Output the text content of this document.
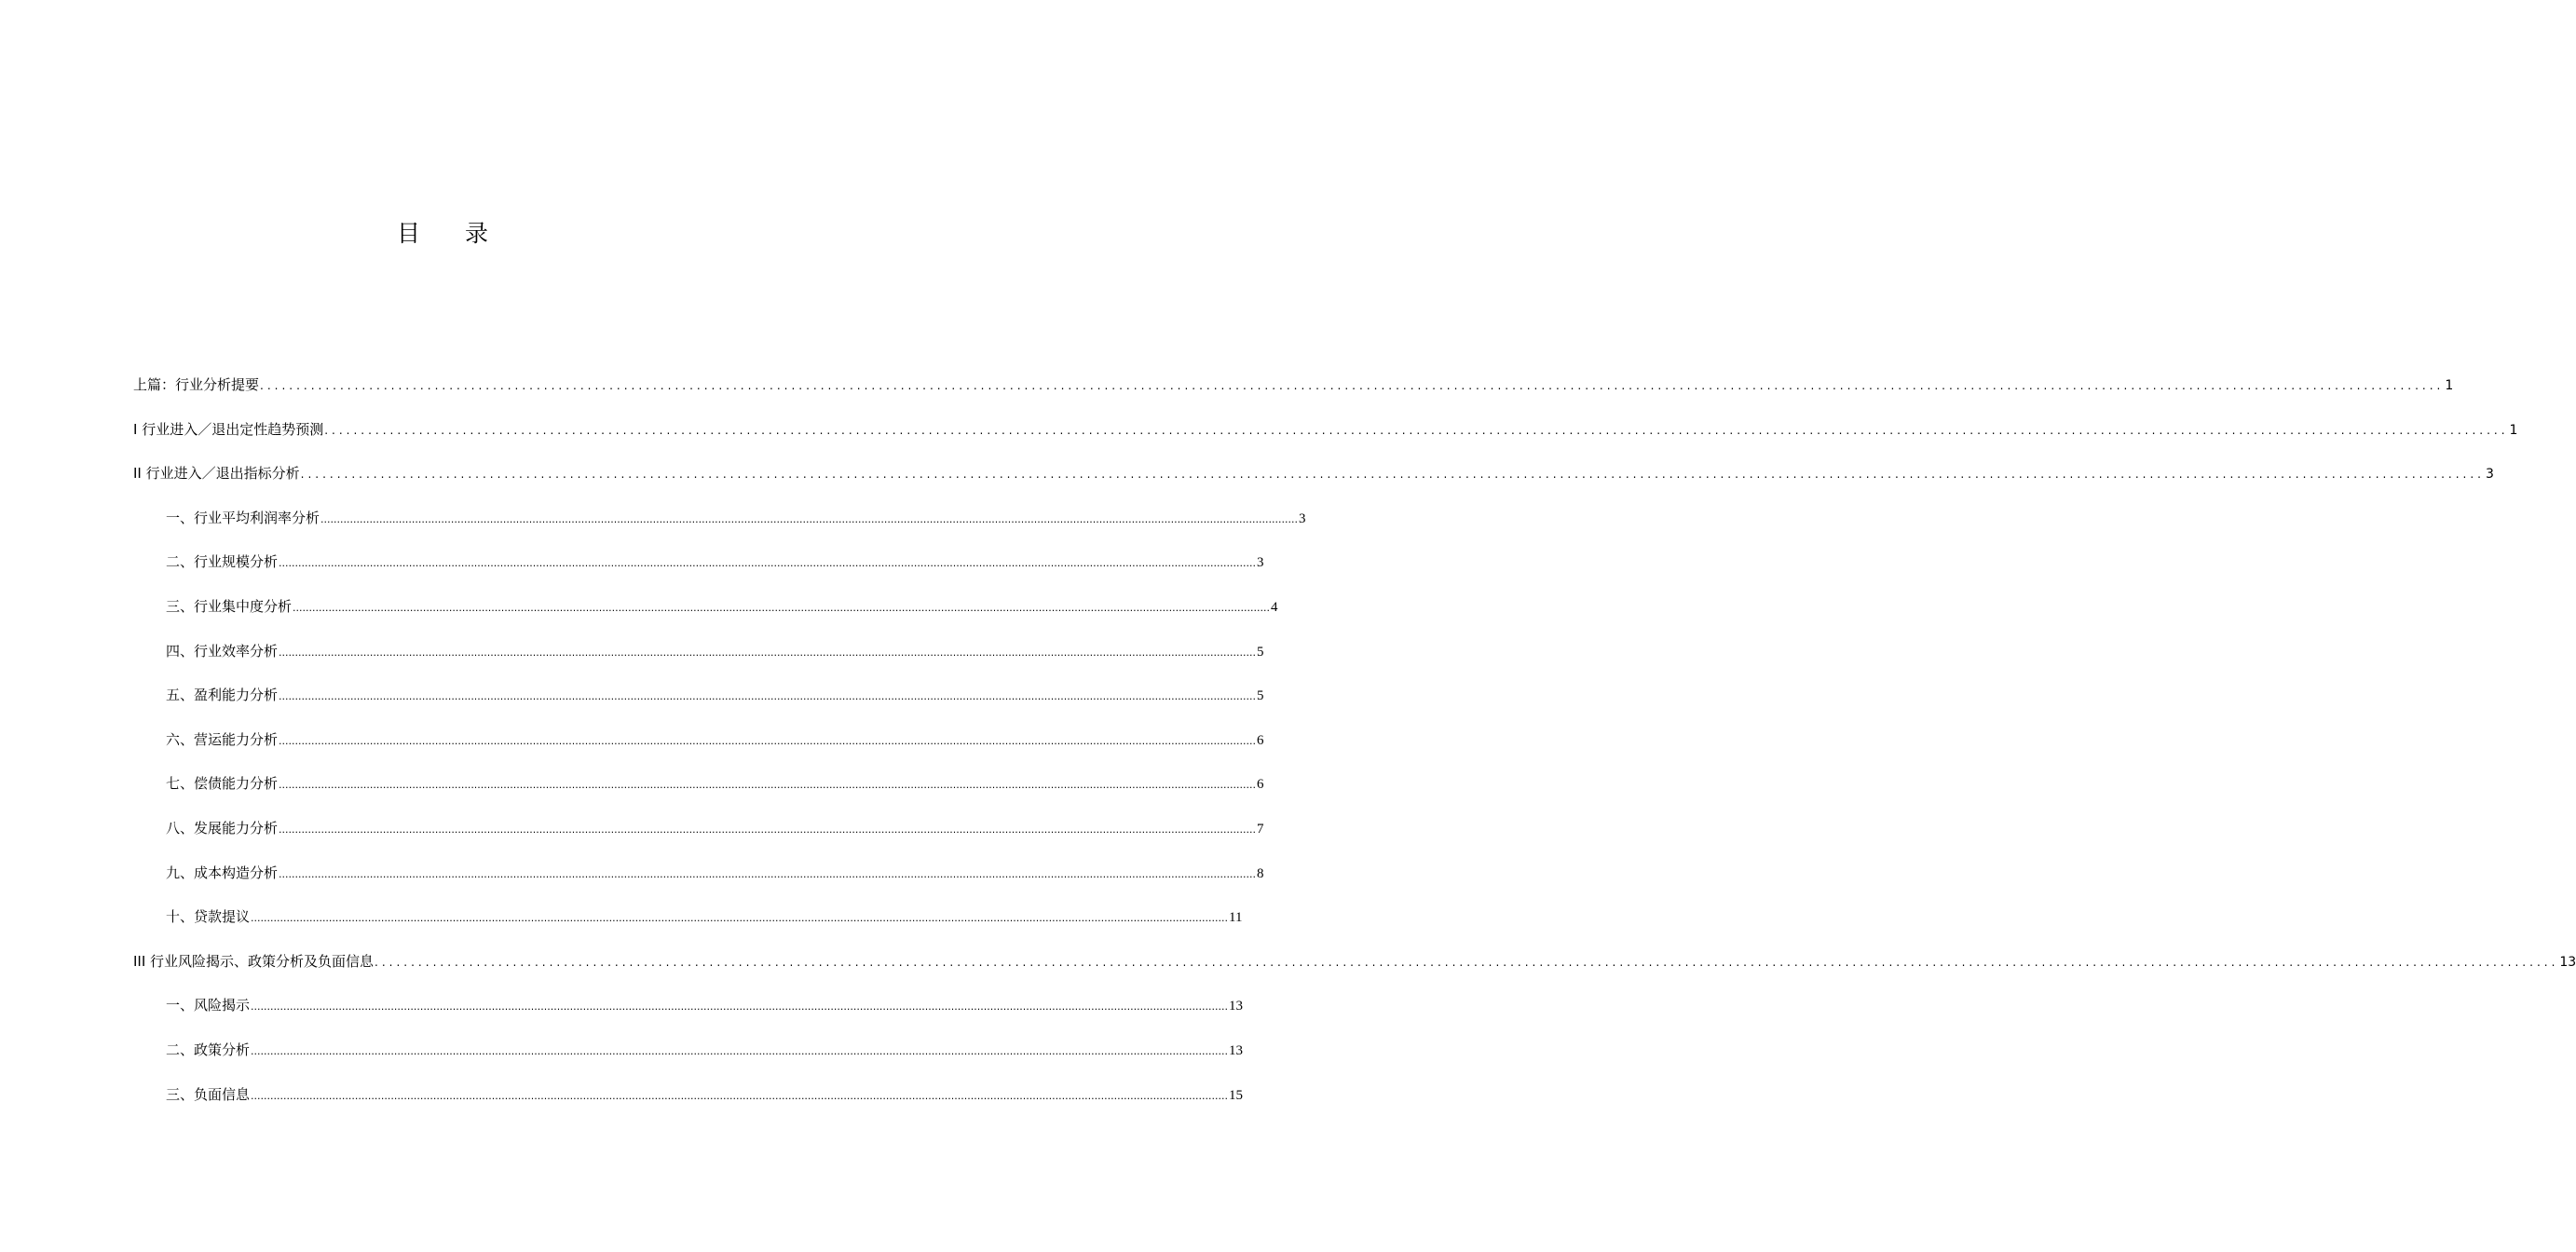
目 录
上篇：行业分析提要 ............................................................................................................................................................................................................................................................................................................ 1
I 行业进入／退出定性趋势预测 ............................................................................................................................................................................................................................................................................................................ 1
II 行业进入／退出指标分析 ............................................................................................................................................................................................................................................................................................................ 3
一、行业平均利润率分析 ............................................................................................................................................................................................................................................................................................................ 3
二、行业规模分析 ............................................................................................................................................................................................................................................................................................................ 3
三、行业集中度分析 ............................................................................................................................................................................................................................................................................................................ 4
四、行业效率分析 ............................................................................................................................................................................................................................................................................................................ 5
五、盈利能力分析 ............................................................................................................................................................................................................................................................................................................ 5
六、营运能力分析 ............................................................................................................................................................................................................................................................................................................ 6
七、偿债能力分析 ............................................................................................................................................................................................................................................................................................................ 6
八、发展能力分析 ............................................................................................................................................................................................................................................................................................................ 7
九、成本构造分析 ............................................................................................................................................................................................................................................................................................................ 8
十、贷款提议 ............................................................................................................................................................................................................................................................................................................ 11
III 行业风险揭示、政策分析及负面信息 ............................................................................................................................................................................................................................................................................................................ 13
一、风险揭示 ............................................................................................................................................................................................................................................................................................................ 13
二、政策分析 ............................................................................................................................................................................................................................................................................................................ 13
三、负面信息 ............................................................................................................................................................................................................................................................................................................ 15
